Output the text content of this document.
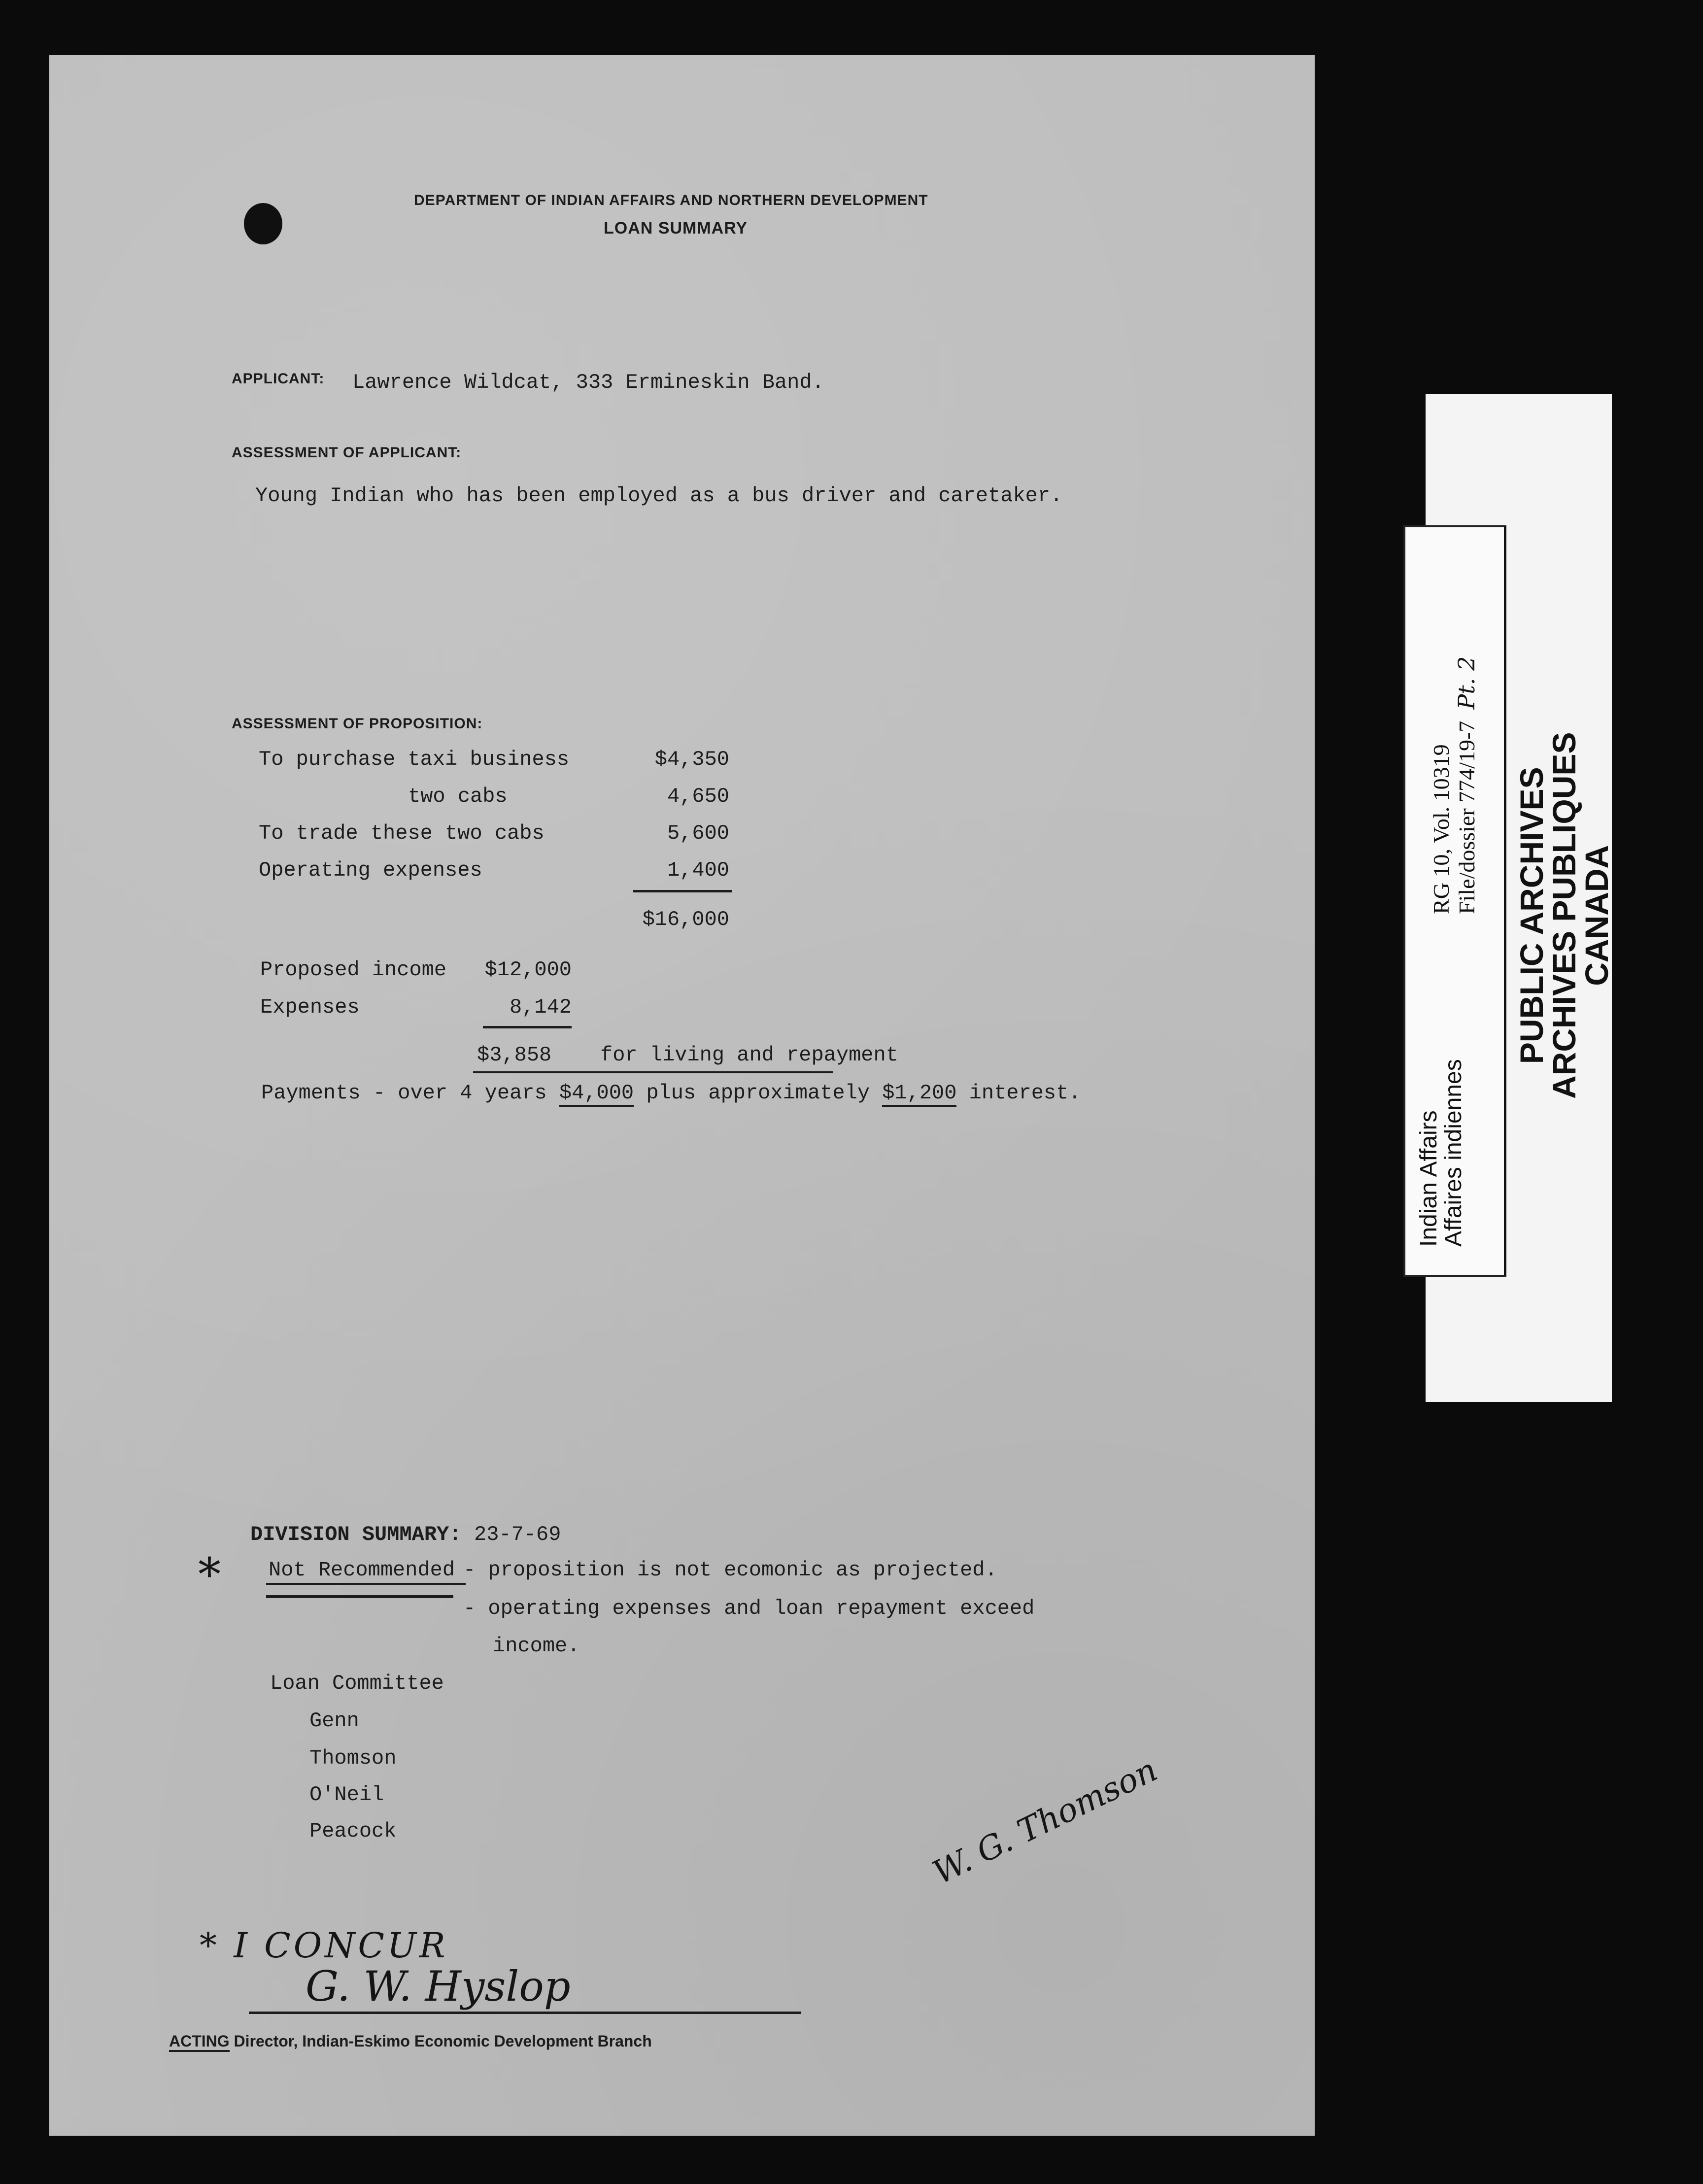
DEPARTMENT OF INDIAN AFFAIRS AND NORTHERN DEVELOPMENT
LOAN SUMMARY
APPLICANT: Lawrence Wildcat, 333 Ermineskin Band.
ASSESSMENT OF APPLICANT:
Young Indian who has been employed as a bus driver and caretaker.
ASSESSMENT OF PROPOSITION:
To purchase taxi business	$4,350
two cabs	4,650
To trade these two cabs	5,600
Operating expenses	1,400
$16,000
Proposed income	$12,000
Expenses	8,142
$3,858 for living and repayment
Payments - over 4 years $4,000 plus approximately $1,200 interest.
DIVISION SUMMARY: 23-7-69
* Not Recommended - proposition is not ecomonic as projected.
- operating expenses and loan repayment exceed
income.
Loan Committee
Genn
Thomson
O'Neil
Peacock	W. G. Thomson
* I CONCUR
G. W. Hyslop
ACTING Director, Indian-Eskimo Economic Development Branch
Indian Affairs
Affaires indiennes
RG 10, Vol. 10319 File/dossier 774/19-7  Pt. 2
PUBLIC ARCHIVES
ARCHIVES PUBLIQUES
CANADA
